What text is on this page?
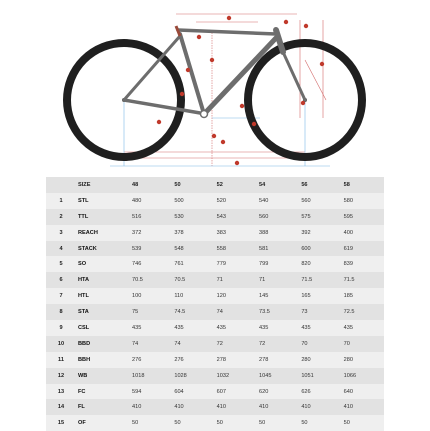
	SIZE	48	50	52	54	56	58
1	STL	480	500	520	540	560	580
2	TTL	516	530	543	560	575	595
3	REACH	372	378	383	388	392	400
4	STACK	539	548	558	581	600	619
5	SO	746	761	779	799	820	839
6	HTA	70.5	70.5	71	71	71.5	71.5
7	HTL	100	110	120	145	165	185
8	STA	75	74.5	74	73.5	73	72.5
9	CSL	435	435	435	435	435	435
10	BBD	74	74	72	72	70	70
11	BBH	276	276	278	278	280	280
12	WB	1018	1028	1032	1045	1051	1066
13	FC	594	604	607	620	626	640
14	FL	410	410	410	410	410	410
15	OF	50	50	50	50	50	50
